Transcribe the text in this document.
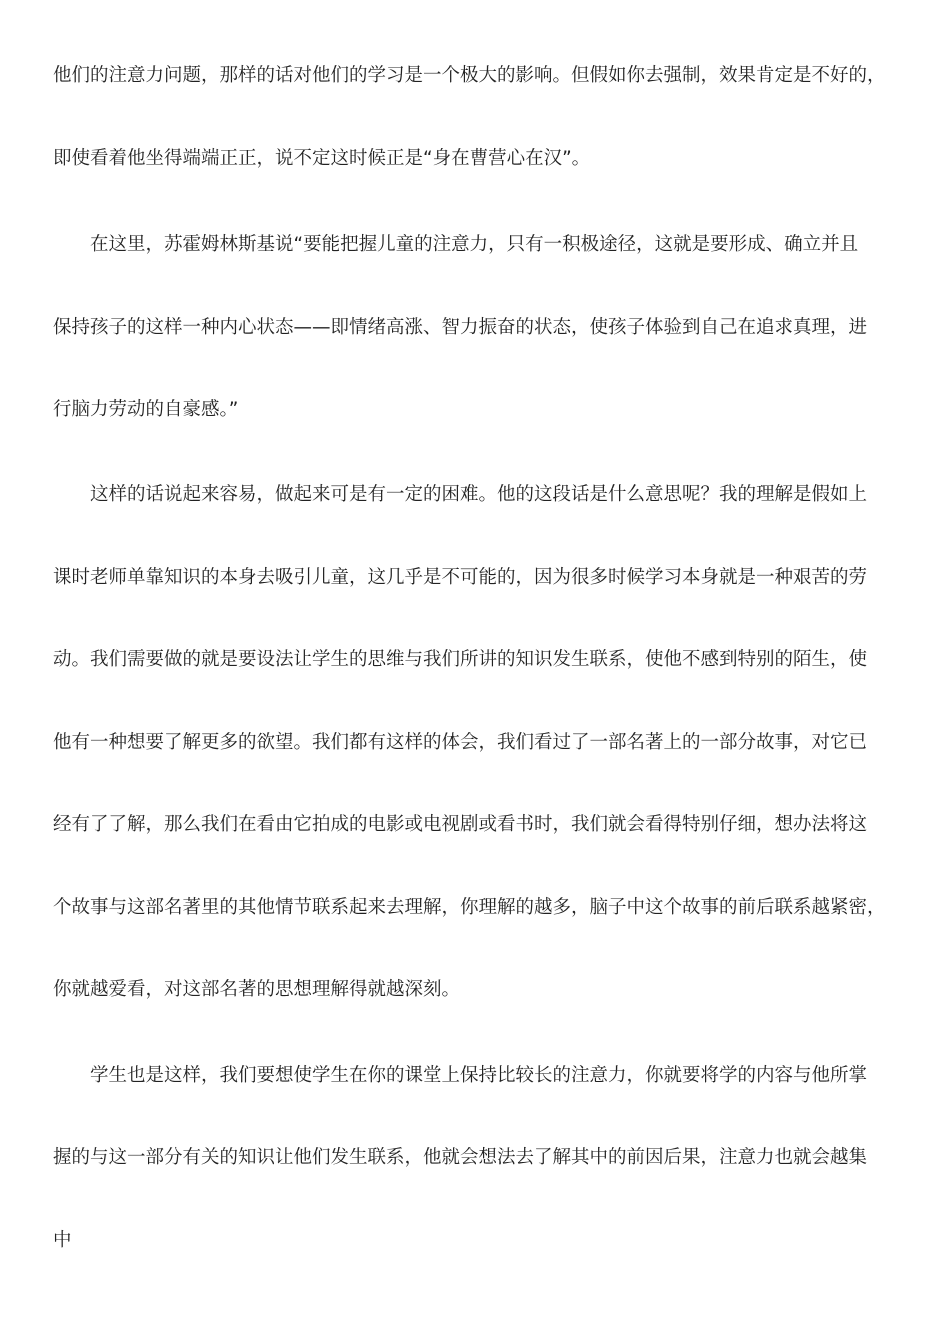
他们的注意力问题，那样的话对他们的学习是一个极大的影响。但假如你去强制，效果肯定是不好的，
即使看着他坐得端端正正，说不定这时候正是“身在曹营心在汉”。
在这里，苏霍姆林斯基说“要能把握儿童的注意力，只有一积极途径，这就是要形成、确立并且
保持孩子的这样一种内心状态——即情绪高涨、智力振奋的状态，使孩子体验到自己在追求真理，进
行脑力劳动的自豪感。”
这样的话说起来容易，做起来可是有一定的困难。他的这段话是什么意思呢？我的理解是假如上
课时老师单靠知识的本身去吸引儿童，这几乎是不可能的，因为很多时候学习本身就是一种艰苦的劳
动。我们需要做的就是要设法让学生的思维与我们所讲的知识发生联系，使他不感到特别的陌生，使
他有一种想要了解更多的欲望。我们都有这样的体会，我们看过了一部名著上的一部分故事，对它已
经有了了解，那么我们在看由它拍成的电影或电视剧或看书时，我们就会看得特别仔细，想办法将这
个故事与这部名著里的其他情节联系起来去理解，你理解的越多，脑子中这个故事的前后联系越紧密，
你就越爱看，对这部名著的思想理解得就越深刻。
学生也是这样，我们要想使学生在你的课堂上保持比较长的注意力，你就要将学的内容与他所掌
握的与这一部分有关的知识让他们发生联系，他就会想法去了解其中的前因后果，注意力也就会越集
中
